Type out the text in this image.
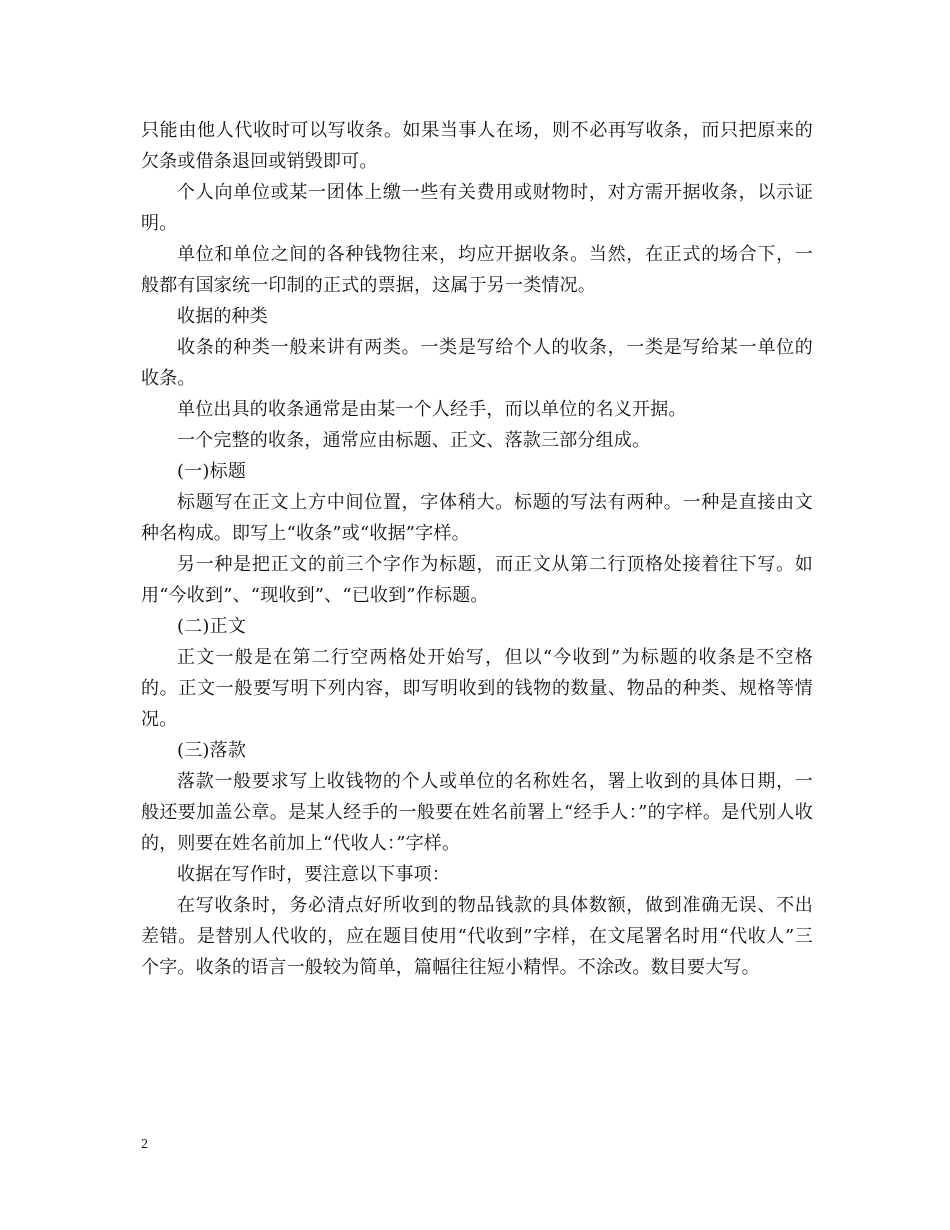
只能由他人代收时可以写收条。如果当事人在场，则不必再写收条，而只把原来的欠条或借条退回或销毁即可。

个人向单位或某一团体上缴一些有关费用或财物时，对方需开据收条，以示证明。

单位和单位之间的各种钱物往来，均应开据收条。当然，在正式的场合下，一般都有国家统一印制的正式的票据，这属于另一类情况。

收据的种类

收条的种类一般来讲有两类。一类是写给个人的收条，一类是写给某一单位的收条。

单位出具的收条通常是由某一个人经手，而以单位的名义开据。

一个完整的收条，通常应由标题、正文、落款三部分组成。

(一)标题

标题写在正文上方中间位置，字体稍大。标题的写法有两种。一种是直接由文种名构成。即写上“收条”或“收据”字样。

另一种是把正文的前三个字作为标题，而正文从第二行顶格处接着往下写。如用“今收到”、“现收到”、“已收到”作标题。

(二)正文

正文一般是在第二行空两格处开始写，但以“今收到”为标题的收条是不空格的。正文一般要写明下列内容，即写明收到的钱物的数量、物品的种类、规格等情况。

(三)落款

落款一般要求写上收钱物的个人或单位的名称姓名，署上收到的具体日期，一般还要加盖公章。是某人经手的一般要在姓名前署上“经手人：”的字样。是代别人收的，则要在姓名前加上“代收人：”字样。

收据在写作时，要注意以下事项：

在写收条时，务必清点好所收到的物品钱款的具体数额，做到准确无误、不出差错。是替别人代收的，应在题目使用“代收到”字样，在文尾署名时用“代收人”三个字。收条的语言一般较为简单，篇幅往往短小精悍。不涂改。数目要大写。

2
